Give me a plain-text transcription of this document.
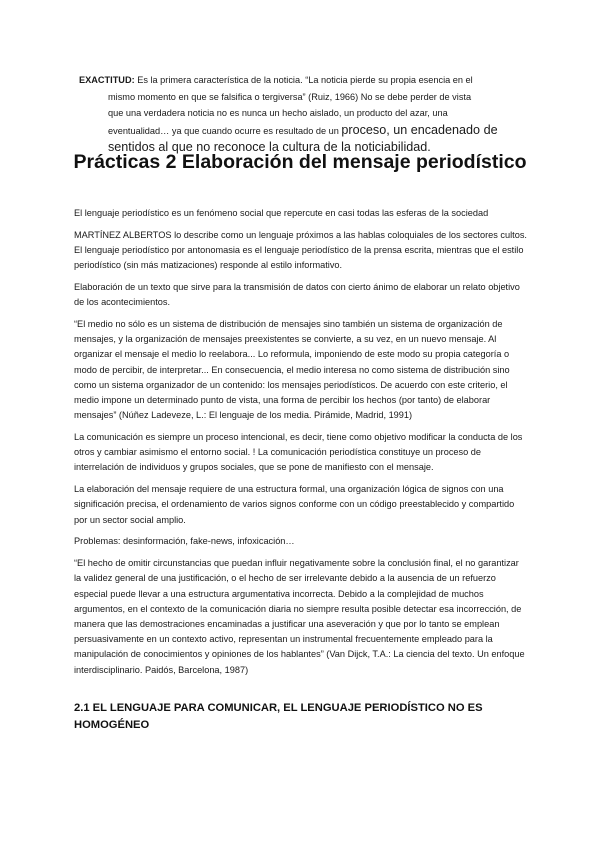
EXACTITUD: Es la primera característica de la noticia. “La noticia pierde su propia esencia en el
mismo momento en que se falsifica o tergiversa” (Ruiz, 1966) No se debe perder de vista
que una verdadera noticia no es nunca un hecho aislado, un producto del azar, una
eventualidad… ya que cuando ocurre es resultado de un proceso, un encadenado de
sentidos al que no reconoce la cultura de la noticiabilidad.
Prácticas 2 Elaboración del mensaje periodístico

El lenguaje periodístico es un fenómeno social que repercute en casi todas las esferas de la sociedad

MARTÍNEZ ALBERTOS lo describe como un lenguaje próximos a las hablas coloquiales de los sectores cultos. El lenguaje periodístico por antonomasia es el lenguaje periodístico de la prensa escrita, mientras que el estilo periodístico (sin más matizaciones) responde al estilo informativo.

Elaboración de un texto que sirve para la transmisión de datos con cierto ánimo de elaborar un relato objetivo de los acontecimientos.

“El medio no sólo es un sistema de distribución de mensajes sino también un sistema de organización de mensajes, y la organización de mensajes preexistentes se convierte, a su vez, en un nuevo mensaje. Al organizar el mensaje el medio lo reelabora... Lo reformula, imponiendo de este modo su propia categoría o modo de percibir, de interpretar... En consecuencia, el medio interesa no como sistema de distribución sino como un sistema organizador de un contenido: los mensajes periodísticos. De acuerdo con este criterio, el medio impone un determinado punto de vista, una forma de percibir los hechos (por tanto) de elaborar mensajes” (Núñez Ladeveze, L.: El lenguaje de los media. Pirámide, Madrid, 1991)

La comunicación es siempre un proceso intencional, es decir, tiene como objetivo modificar la conducta de los otros y cambiar asimismo el entorno social. ! La comunicación periodística constituye un proceso de interrelación de individuos y grupos sociales, que se pone de manifiesto con el mensaje.

La elaboración del mensaje requiere de una estructura formal, una organización lógica de signos con una significación precisa, el ordenamiento de varios signos conforme con un código preestablecido y compartido por un sector social amplio.

Problemas: desinformación, fake-news, infoxicación…

“El hecho de omitir circunstancias que puedan influir negativamente sobre la conclusión final, el no garantizar la validez general de una justificación, o el hecho de ser irrelevante debido a la ausencia de un refuerzo especial puede llevar a una estructura argumentativa incorrecta. Debido a la complejidad de muchos argumentos, en el contexto de la comunicación diaria no siempre resulta posible detectar esa incorrección, de manera que las demostraciones encaminadas a justificar una aseveración y que por lo tanto se emplean persuasivamente en un contexto activo, representan un instrumental frecuentemente empleado para la manipulación de conocimientos y opiniones de los hablantes” (Van Dijck, T.A.: La ciencia del texto. Un enfoque interdisciplinario. Paidós, Barcelona, 1987)

2.1 EL LENGUAJE PARA COMUNICAR, EL LENGUAJE PERIODÍSTICO NO ES HOMOGÉNEO
